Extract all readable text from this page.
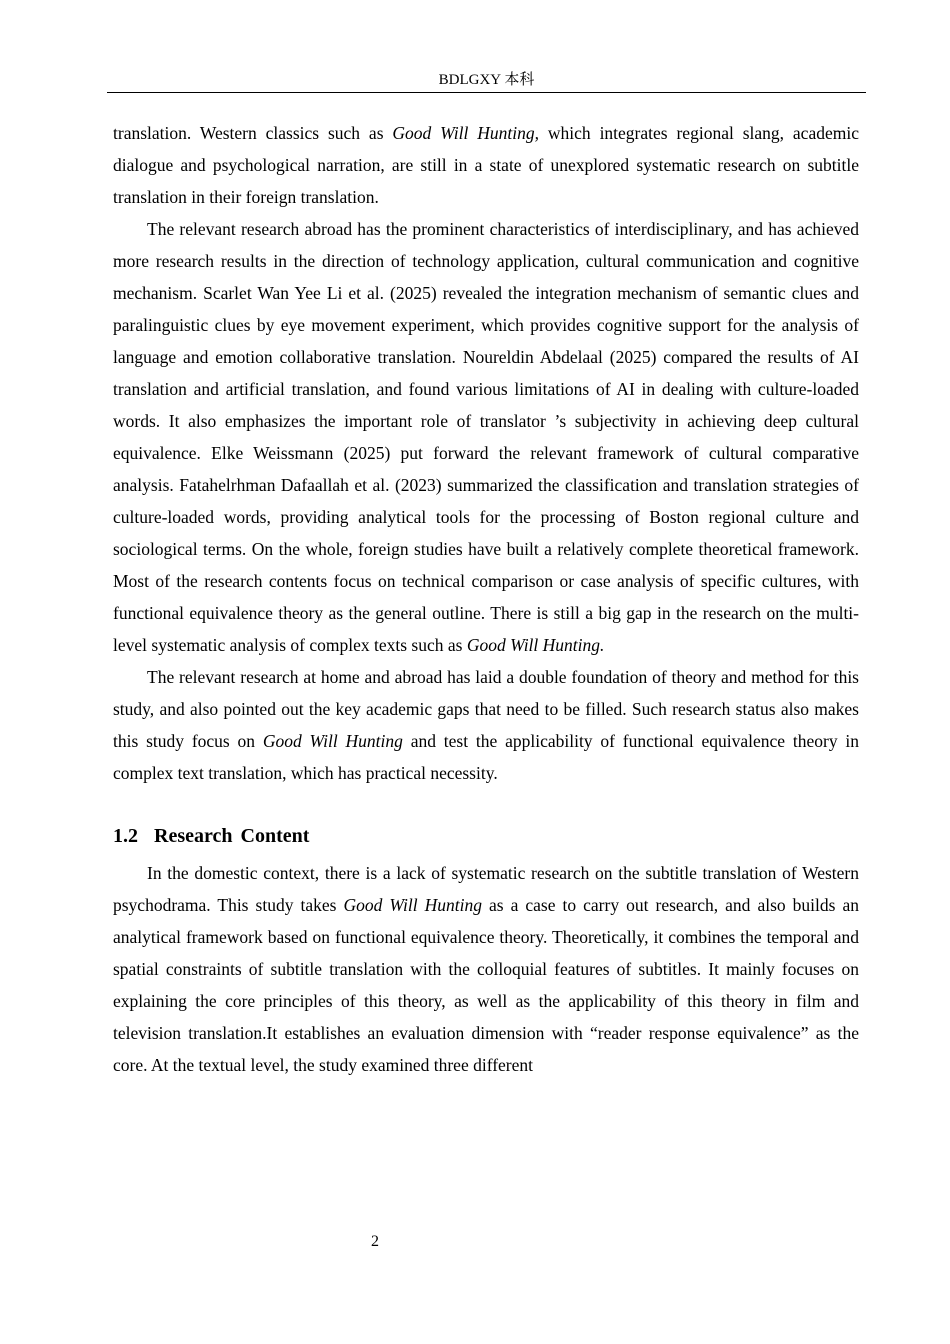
BDLGXY 本科

translation. Western classics such as Good Will Hunting, which integrates regional slang, academic dialogue and psychological narration, are still in a state of unexplored systematic research on subtitle translation in their foreign translation.

The relevant research abroad has the prominent characteristics of interdisciplinary, and has achieved more research results in the direction of technology application, cultural communication and cognitive mechanism. Scarlet Wan Yee Li et al. (2025) revealed the integration mechanism of semantic clues and paralinguistic clues by eye movement experiment, which provides cognitive support for the analysis of language and emotion collaborative translation. Noureldin Abdelaal (2025) compared the results of AI translation and artificial translation, and found various limitations of AI in dealing with culture-loaded words. It also emphasizes the important role of translator ’s subjectivity in achieving deep cultural equivalence. Elke Weissmann (2025) put forward the relevant framework of cultural comparative analysis. Fatahelrhman Dafaallah et al. (2023) summarized the classification and translation strategies of culture-loaded words, providing analytical tools for the processing of Boston regional culture and sociological terms. On the whole, foreign studies have built a relatively complete theoretical framework. Most of the research contents focus on technical comparison or case analysis of specific cultures, with functional equivalence theory as the general outline. There is still a big gap in the research on the multi-level systematic analysis of complex texts such as Good Will Hunting.

The relevant research at home and abroad has laid a double foundation of theory and method for this study, and also pointed out the key academic gaps that need to be filled. Such research status also makes this study focus on Good Will Hunting and test the applicability of functional equivalence theory in complex text translation, which has practical necessity.

1.2 Research Content

In the domestic context, there is a lack of systematic research on the subtitle translation of Western psychodrama. This study takes Good Will Hunting as a case to carry out research, and also builds an analytical framework based on functional equivalence theory. Theoretically, it combines the temporal and spatial constraints of subtitle translation with the colloquial features of subtitles. It mainly focuses on explaining the core principles of this theory, as well as the applicability of this theory in film and television translation.It establishes an evaluation dimension with “reader response equivalence” as the core. At the textual level, the study examined three different

2
